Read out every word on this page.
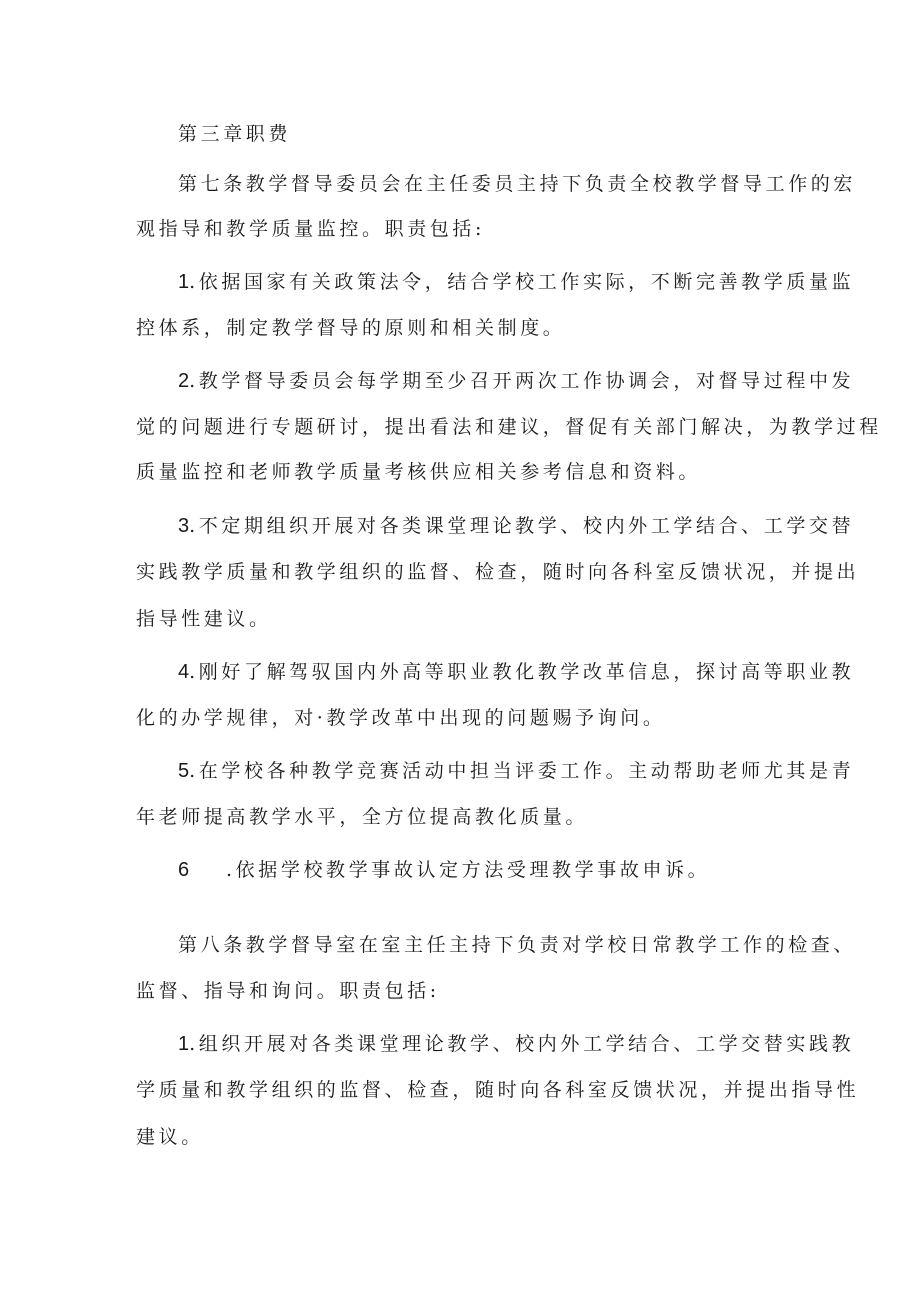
第三章职费
第七条教学督导委员会在主任委员主持下负责全校教学督导工作的宏
观指导和教学质量监控。职责包括:
1.依据国家有关政策法令，结合学校工作实际，不断完善教学质量监
控体系，制定教学督导的原则和相关制度。
2.教学督导委员会每学期至少召开两次工作协调会，对督导过程中发
觉的问题进行专题研讨，提出看法和建议，督促有关部门解决，为教学过程
质量监控和老师教学质量考核供应相关参考信息和资料。
3.不定期组织开展对各类课堂理论教学、校内外工学结合、工学交替
实践教学质量和教学组织的监督、检查，随时向各科室反馈状况，并提出
指导性建议。
4.刚好了解驾驭国内外高等职业教化教学改革信息，探讨高等职业教
化的办学规律，对·教学改革中出现的问题赐予询问。
5.在学校各种教学竞赛活动中担当评委工作。主动帮助老师尤其是青
年老师提高教学水平，全方位提高教化质量。
6 .依据学校教学事故认定方法受理教学事故申诉。
第八条教学督导室在室主任主持下负责对学校日常教学工作的检查、
监督、指导和询问。职责包括:
1.组织开展对各类课堂理论教学、校内外工学结合、工学交替实践教
学质量和教学组织的监督、检查，随时向各科室反馈状况，并提出指导性
建议。
